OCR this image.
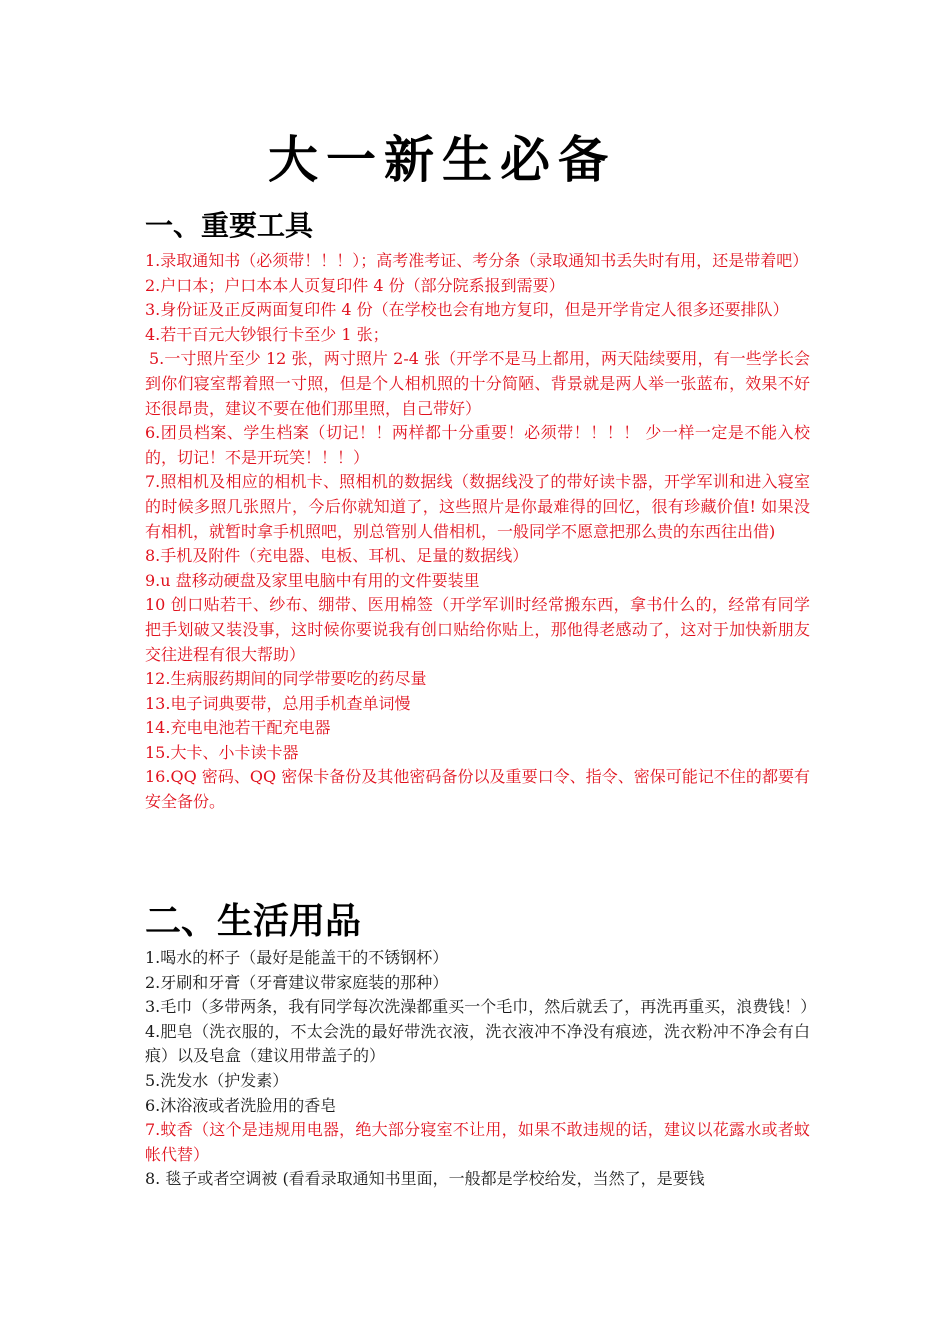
大一新生必备
一、重要工具
1.录取通知书（必须带！！！）；高考准考证、考分条（录取通知书丢失时有用，还是带着吧）
2.户口本；户口本本人页复印件 4 份（部分院系报到需要）
3.身份证及正反两面复印件 4 份（在学校也会有地方复印，但是开学肯定人很多还要排队）
4.若干百元大钞银行卡至少 1 张；
5.一寸照片至少 12 张，两寸照片 2-4 张（开学不是马上都用，两天陆续要用，有一些学长会到你们寝室帮着照一寸照，但是个人相机照的十分简陋、背景就是两人举一张蓝布，效果不好还很昂贵，建议不要在他们那里照，自己带好）
6.团员档案、学生档案（切记！！两样都十分重要！必须带！！！！ 少一样一定是不能入校的，切记！不是开玩笑！！！）
7.照相机及相应的相机卡、照相机的数据线（数据线没了的带好读卡器，开学军训和进入寝室的时候多照几张照片，今后你就知道了，这些照片是你最难得的回忆，很有珍藏价值! 如果没有相机，就暂时拿手机照吧，别总管别人借相机，一般同学不愿意把那么贵的东西往出借)
8.手机及附件（充电器、电板、耳机、足量的数据线）
9.u 盘移动硬盘及家里电脑中有用的文件要装里
10 创口贴若干、纱布、绷带、医用棉签（开学军训时经常搬东西，拿书什么的，经常有同学把手划破又装没事，这时候你要说我有创口贴给你贴上，那他得老感动了，这对于加快新朋友交往进程有很大帮助）
12.生病服药期间的同学带要吃的药尽量
13.电子词典要带，总用手机查单词慢
14.充电电池若干配充电器
15.大卡、小卡读卡器
16.QQ 密码、QQ 密保卡备份及其他密码备份以及重要口令、指令、密保可能记不住的都要有安全备份。
二、生活用品
1.喝水的杯子（最好是能盖干的不锈钢杯）
2.牙刷和牙膏（牙膏建议带家庭装的那种）
3.毛巾（多带两条，我有同学每次洗澡都重买一个毛巾，然后就丢了，再洗再重买，浪费钱！）
4.肥皂（洗衣服的，不太会洗的最好带洗衣液，洗衣液冲不净没有痕迹，洗衣粉冲不净会有白痕）以及皂盒（建议用带盖子的）
5.洗发水（护发素）
6.沐浴液或者洗脸用的香皂
7.蚊香（这个是违规用电器，绝大部分寝室不让用，如果不敢违规的话，建议以花露水或者蚊帐代替）
8. 毯子或者空调被 (看看录取通知书里面，一般都是学校给发，当然了，是要钱
